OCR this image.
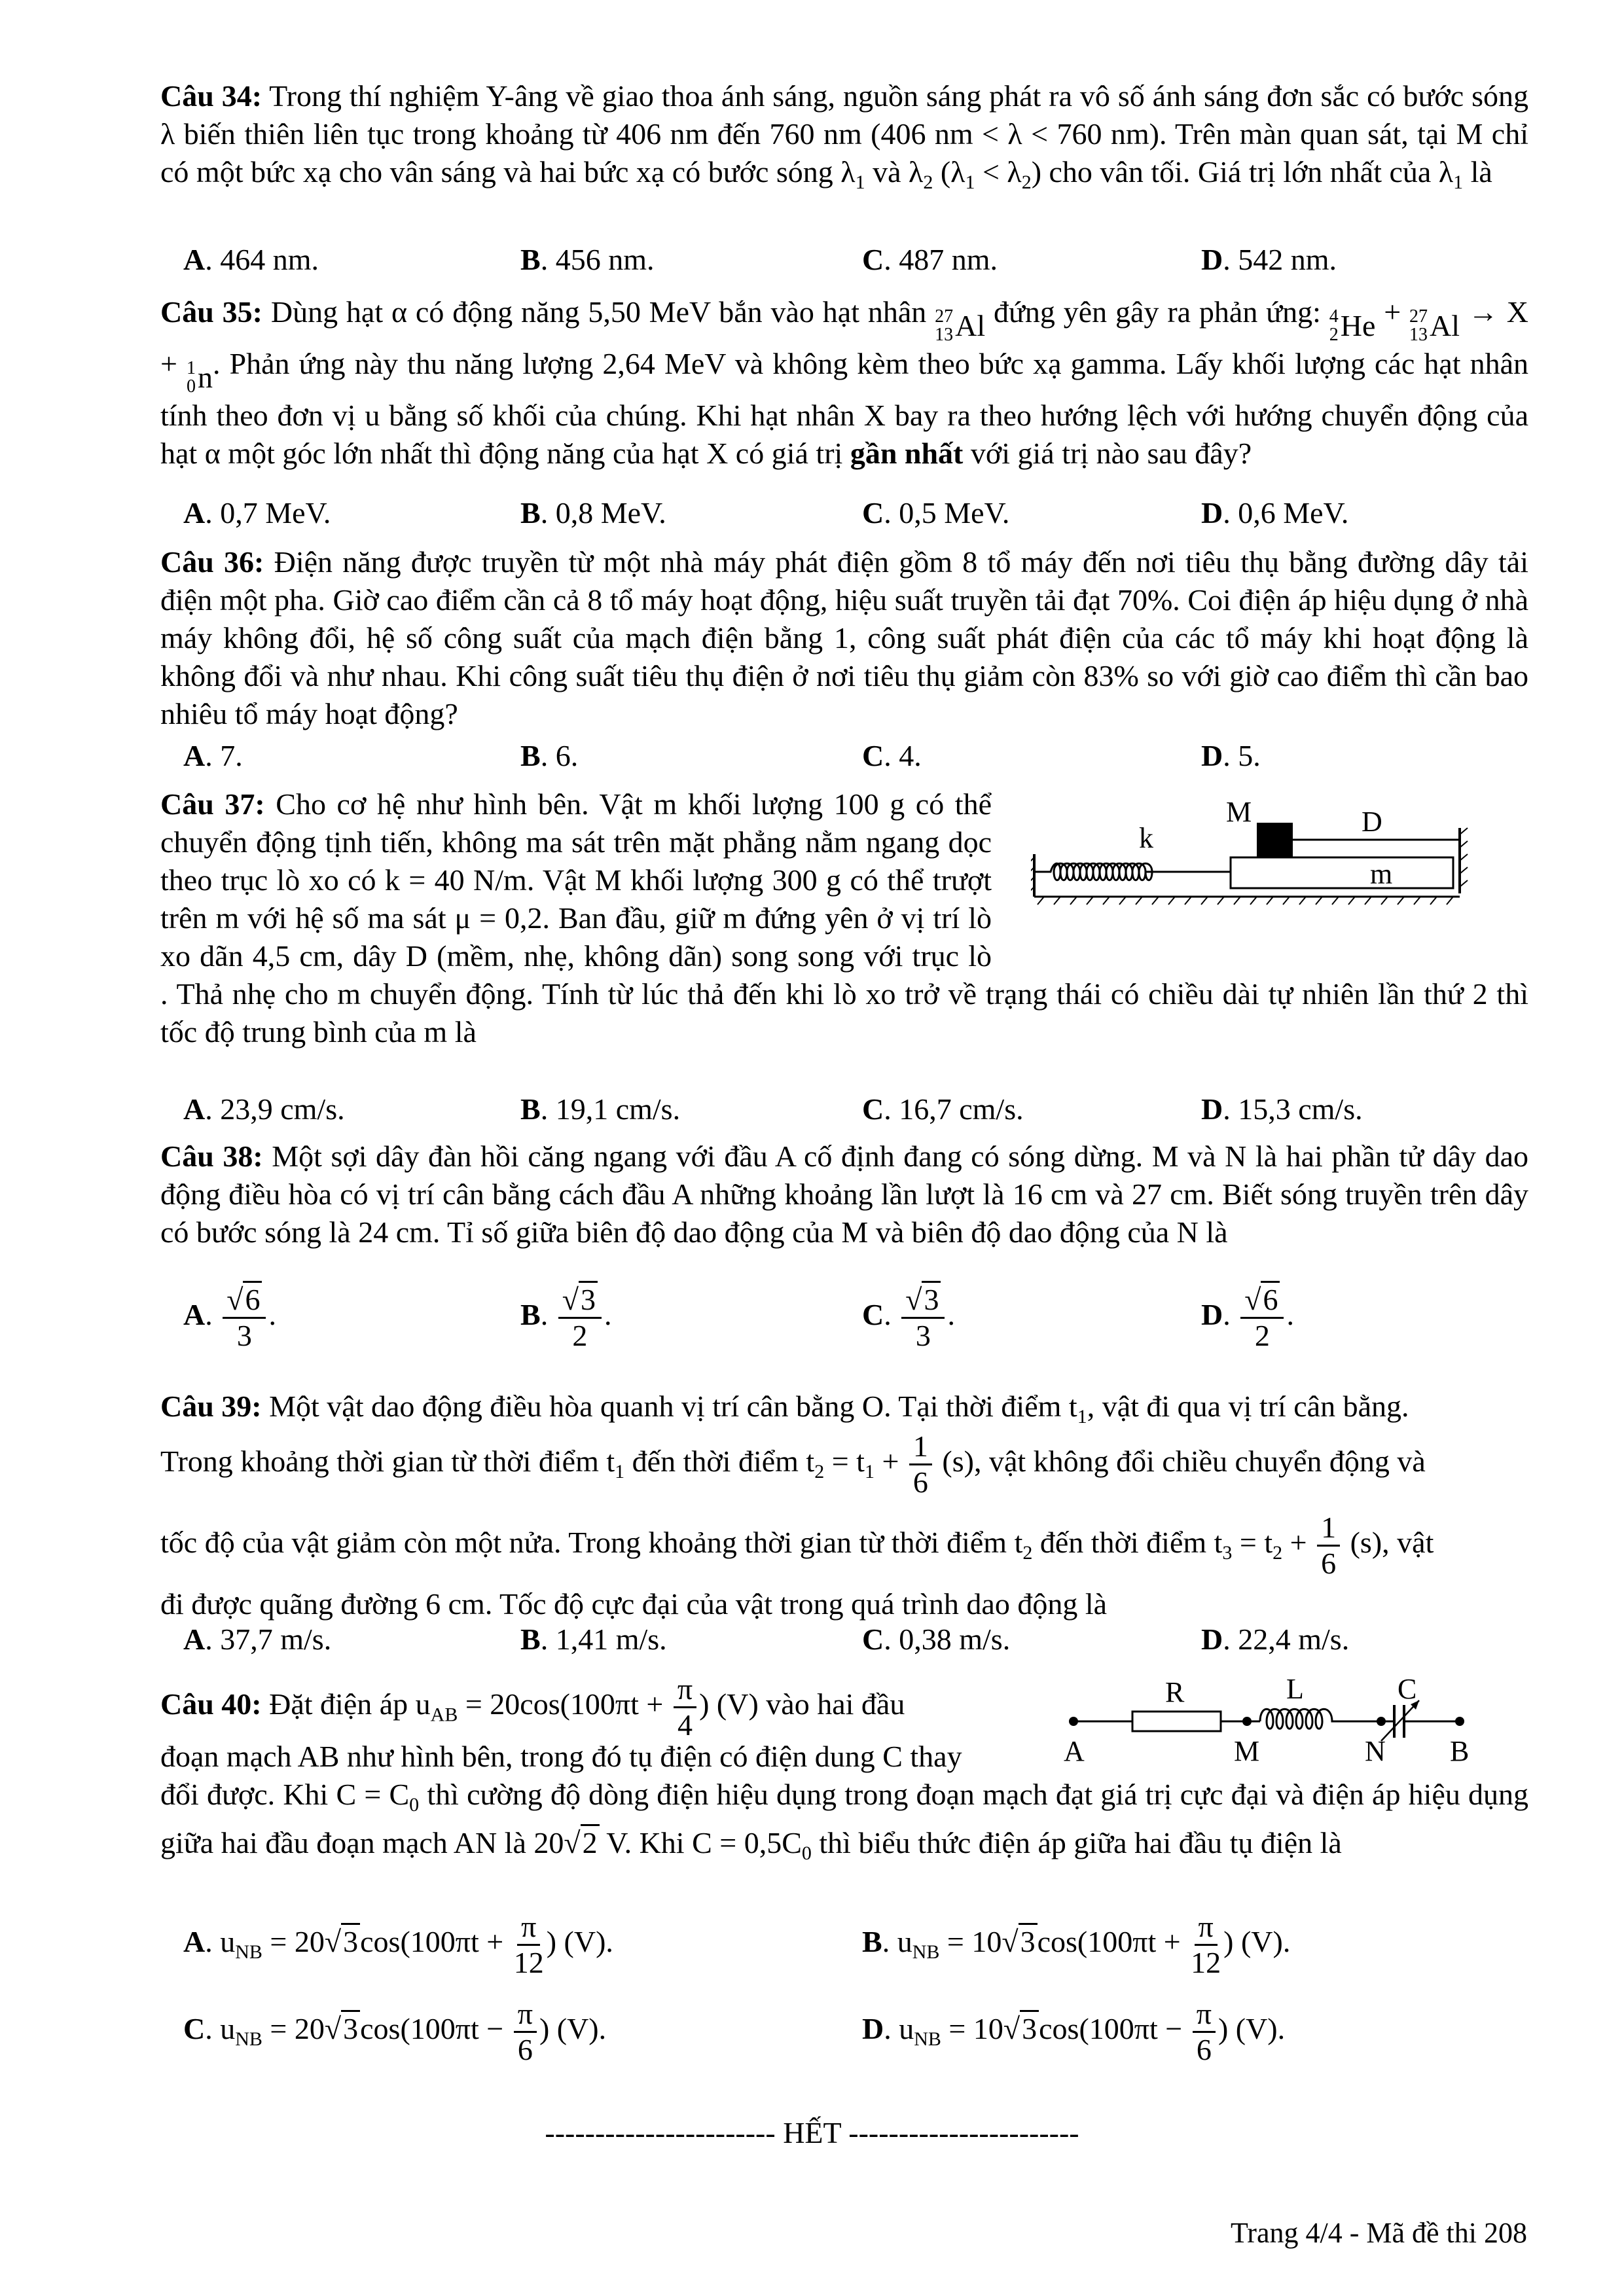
Câu 34: Trong thí nghiệm Y-âng về giao thoa ánh sáng, nguồn sáng phát ra vô số ánh sáng đơn sắc có bước sóng λ biến thiên liên tục trong khoảng từ 406 nm đến 760 nm (406 nm < λ < 760 nm). Trên màn quan sát, tại M chỉ có một bức xạ cho vân sáng và hai bức xạ có bước sóng $\lambda_1$ và $\lambda_2$ $(\lambda_1 < \lambda_2)$ cho vân tối. Giá trị lớn nhất của $\lambda_1$ là

A. 464 nm.	B. 456 nm.	C. 487 nm.	D. 542 nm.

Câu 35: Dùng hạt α có động năng 5,50 MeV bắn vào hạt nhân 27
13 Al đứng yên gây ra phản ứng: 4
2 He + 27
13 Al → X + 1
0 n . Phản ứng này thu năng lượng 2,64 MeV và không kèm theo bức xạ gamma. Lấy khối lượng các hạt nhân tính theo đơn vị u bằng số khối của chúng. Khi hạt nhân X bay ra theo hướng lệch với hướng chuyển động của hạt α một góc lớn nhất thì động năng của hạt X có giá trị gần nhất với giá trị nào sau đây?

A. 0,7 MeV.	B. 0,8 MeV.	C. 0,5 MeV.	D. 0,6 MeV.

Câu 36: Điện năng được truyền từ một nhà máy phát điện gồm 8 tổ máy đến nơi tiêu thụ bằng đường dây tải điện một pha. Giờ cao điểm cần cả 8 tổ máy hoạt động, hiệu suất truyền tải đạt 70%. Coi điện áp hiệu dụng ở nhà máy không đổi, hệ số công suất của mạch điện bằng 1, công suất phát điện của các tổ máy khi hoạt động là không đổi và như nhau. Khi công suất tiêu thụ điện ở nơi tiêu thụ giảm còn 83% so với giờ cao điểm thì cần bao nhiêu tổ máy hoạt động?

A. 7.	B. 6.	C. 4.	D. 5.

Câu 37: Cho cơ hệ như hình bên. Vật m khối lượng 100 g có thể chuyển động tịnh tiến, không ma sát trên mặt phẳng nằm ngang dọc theo trục lò xo có k = 40 N/m. Vật M khối lượng 300 g có thể trượt trên m với hệ số ma sát μ = 0,2. Ban đầu, giữ m đứng yên ở vị trí lò xo dãn 4,5 cm, dây D (mềm, nhẹ, không dãn) song song với trục lò

k
M	D
m

. Thả nhẹ cho m chuyển động. Tính từ lúc thả đến khi lò xo trở về trạng thái có chiều dài tự nhiên lần thứ 2 thì tốc độ trung bình của m là

A. 23,9 cm/s.	B. 19,1 cm/s.	C. 16,7 cm/s.	D. 15,3 cm/s.

Câu 38: Một sợi dây đàn hồi căng ngang với đầu A cố định đang có sóng dừng. M và N là hai phần tử dây dao động điều hòa có vị trí cân bằng cách đầu A những khoảng lần lượt là 16 cm và 27 cm. Biết sóng truyền trên dây có bước sóng là 24 cm. Tỉ số giữa biên độ dao động của M và biên độ dao động của N là

A. $\frac{√6}{3}$ .	B. $\frac{√3}{2}$ .	C. $\frac{√3}{3}$ .	D. $\frac{√6}{2}$ .

Câu 39: Một vật dao động điều hòa quanh vị trí cân bằng O. Tại thời điểm $t_1$, vật đi qua vị trí cân bằng.

Trong khoảng thời gian từ thời điểm $t_1$ đến thời điểm $t_2 = t_1 + \frac{1}{6} (s)$, vật không đổi chiều chuyển động và

tốc độ của vật giảm còn một nửa. Trong khoảng thời gian từ thời điểm $t_2$ đến thời điểm $t_3 = t_2 + \frac{1}{6} (s)$, vật

đi được quãng đường 6 cm. Tốc độ cực đại của vật trong quá trình dao động là

A. 37,7 m/s.	B. 1,41 m/s.	C. 0,38 m/s.	D. 22,4 m/s.

Câu 40: Đặt điện áp $u_{AB} = 20\cos(100\pi t + \frac{\pi}{4}$ ) (V) vào hai đầu

đoạn mạch AB như hình bên, trong đó tụ điện có điện dung C thay

R	L	C
A	M	N B

đổi được. Khi $C = C_0$ thì cường độ dòng điện hiệu dụng trong đoạn mạch đạt giá trị cực đại và điện áp hiệu dụng giữa hai đầu đoạn mạch AN là 20√2 V. Khi $C = 0,5C_0$ thì biểu thức điện áp giữa hai đầu tụ điện là

A. $u_{NB} = 20√3\cos(100\pi t + \frac{\pi}{12}$ ) (V).	B. $u_{NB} = 10√3\cos(100\pi t + \frac{\pi}{12}$ ) (V).
C. $u_{NB} = 20√3\cos(100\pi t - \frac{\pi}{6}$ ) (V).	D. $u_{NB} = 10√3\cos(100\pi t - \frac{\pi}{6}$ ) (V).
----------------------- HẾT -----------------------
Trang 4/4 - Mã đề thi 208
